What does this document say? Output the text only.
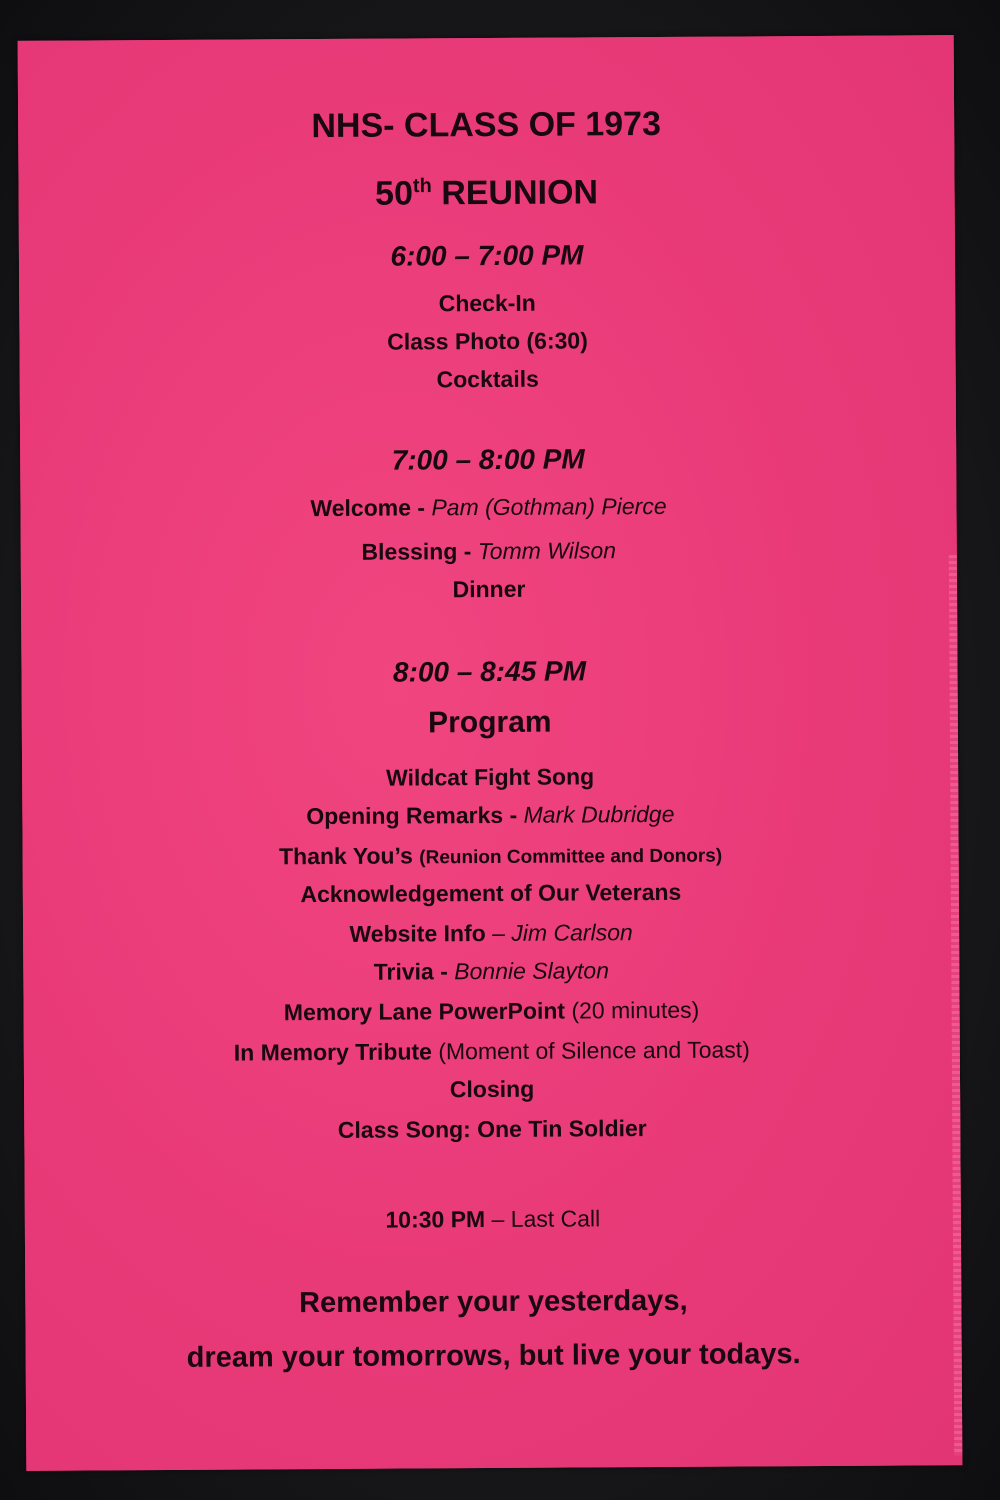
NHS- CLASS OF 1973
50th REUNION
6:00 – 7:00 PM
Check-In
Class Photo (6:30)
Cocktails
7:00 – 8:00 PM
Welcome - Pam (Gothman) Pierce
Blessing - Tomm Wilson
Dinner
8:00 – 8:45 PM
Program
Wildcat Fight Song
Opening Remarks - Mark Dubridge
Thank You’s (Reunion Committee and Donors)
Acknowledgement of Our Veterans
Website Info – Jim Carlson
Trivia - Bonnie Slayton
Memory Lane PowerPoint (20 minutes)
In Memory Tribute (Moment of Silence and Toast)
Closing
Class Song: One Tin Soldier
10:30 PM – Last Call
Remember your yesterdays,
dream your tomorrows, but live your todays.
